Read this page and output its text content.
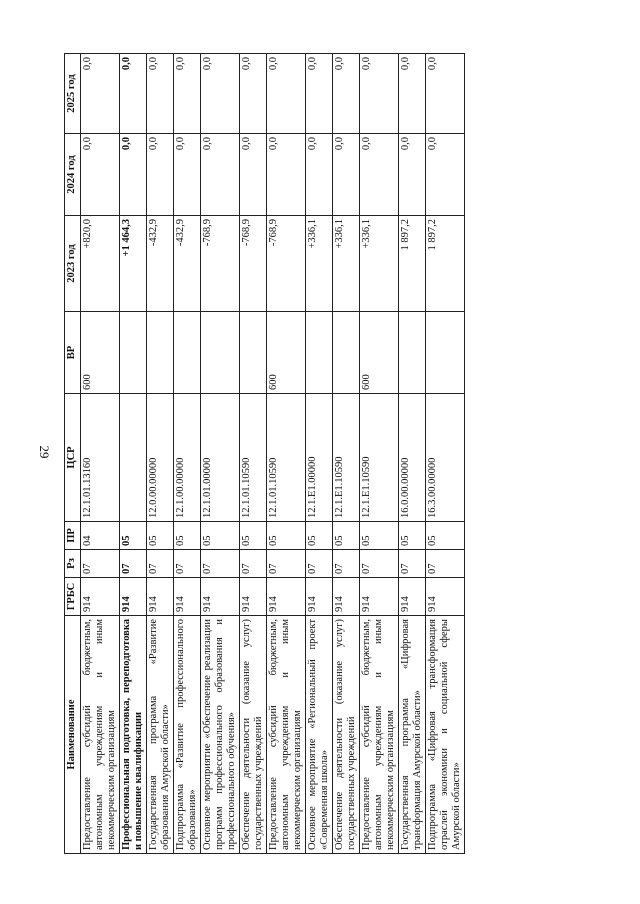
29
Наименование	ГРБС	Рз	ПР	ЦСР	ВР	2023 год	2024 год	2025 год
Предоставление субсидий бюджетным, автономным учреждениям и иным некоммерческим организациям	914	07	04	12.1.01.13160	600	+820,0	0,0	0,0
Профессиональная подготовка, переподготовка и повышение квалификации	914	07	05			+1 464,3	0,0	0,0
Государственная программа «Развитие образования Амурской области»	914	07	05	12.0.00.00000		-432,9	0,0	0,0
Подпрограмма «Развитие профессионального образования»	914	07	05	12.1.00.00000		-432,9	0,0	0,0
Основное мероприятие «Обеспечение реализации программ профессионального образования и профессионального обучения»	914	07	05	12.1.01.00000		-768,9	0,0	0,0
Обеспечение деятельности (оказание услуг) государственных учреждений	914	07	05	12.1.01.10590		-768,9	0,0	0,0
Предоставление субсидий бюджетным, автономным учреждениям и иным некоммерческим организациям	914	07	05	12.1.01.10590	600	-768,9	0,0	0,0
Основное мероприятие «Региональный проект «Современная школа»	914	07	05	12.1.E1.00000		+336,1	0,0	0,0
Обеспечение деятельности (оказание услуг) государственных учреждений	914	07	05	12.1.E1.10590		+336,1	0,0	0,0
Предоставление субсидий бюджетным, автономным учреждениям и иным некоммерческим организациям	914	07	05	12.1.E1.10590	600	+336,1	0,0	0,0
Государственная программа «Цифровая трансформация Амурской области»	914	07	05	16.0.00.00000		1 897,2	0,0	0,0
Подпрограмма «Цифровая трансформация отраслей экономики и социальной сферы Амурской области»	914	07	05	16.3.00.00000		1 897,2	0,0	0,0
